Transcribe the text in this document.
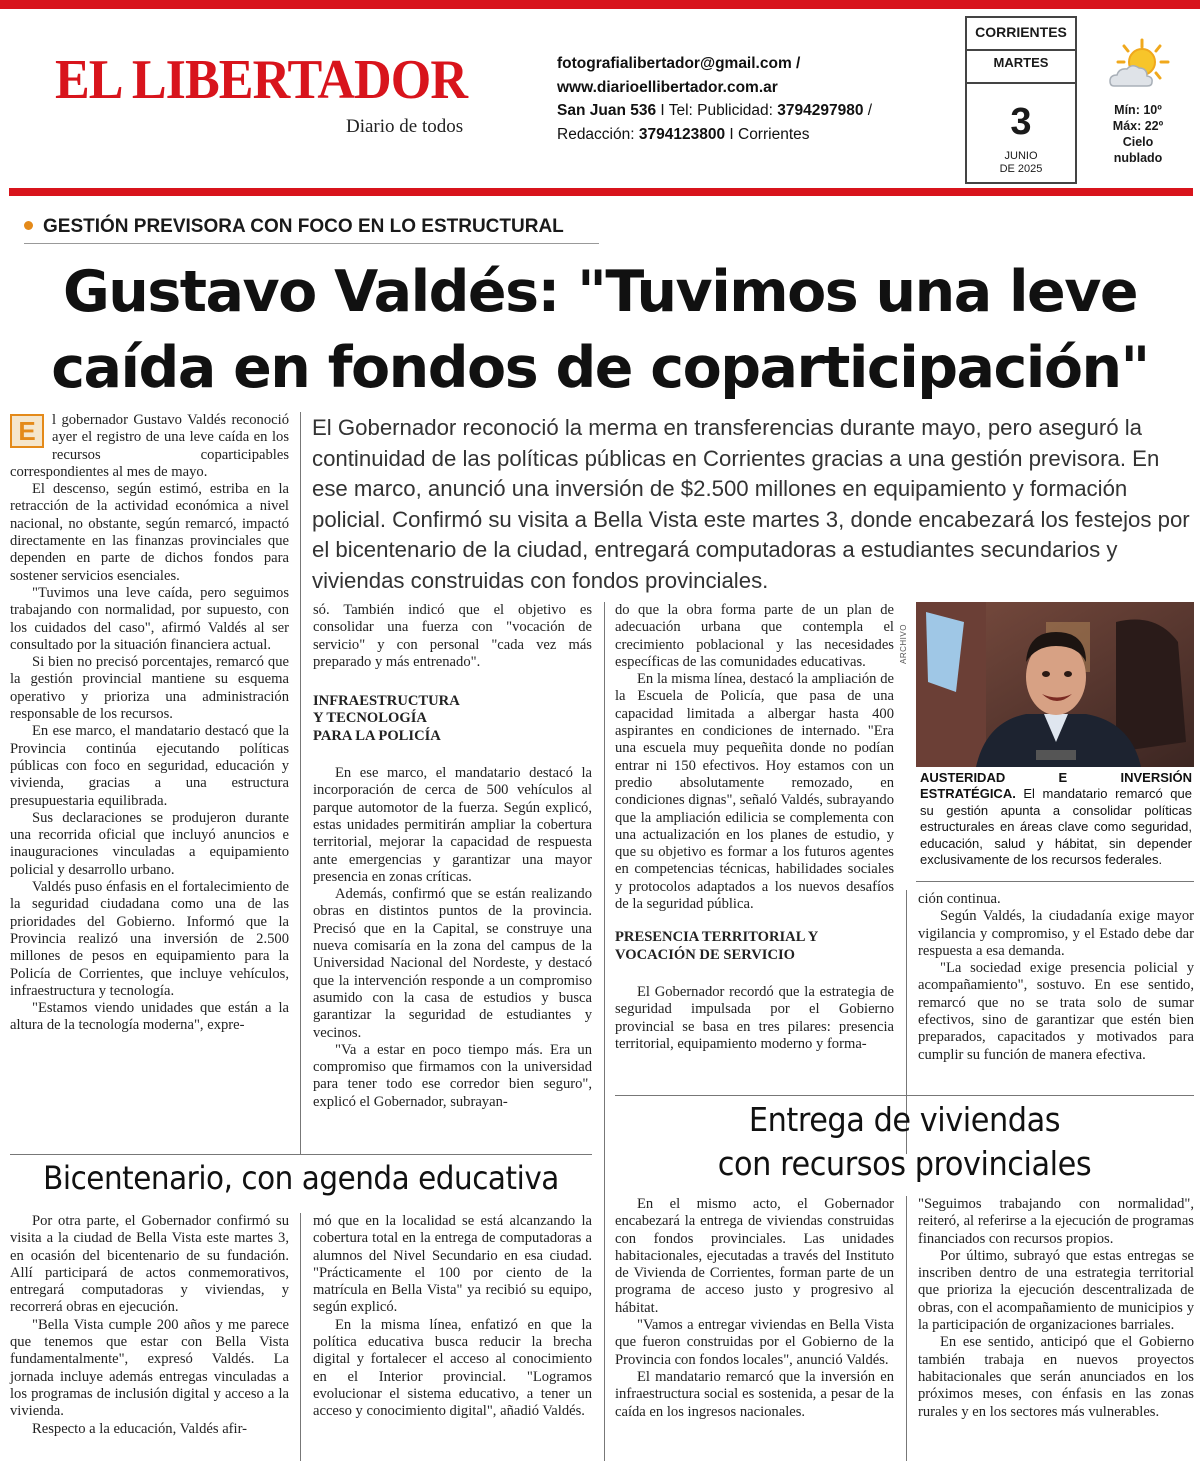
EL LIBERTADOR
Diario de todos
fotografialibertador@gmail.com /
www.diarioellibertador.com.ar
San Juan 536 I Tel: Publicidad: 3794297980 /
Redacción: 3794123800 I Corrientes
CORRIENTES
MARTES
3
JUNIO
DE 2025
Mín: 10º
Máx: 22º
Cielo
nublado
GESTIÓN PREVISORA CON FOCO EN LO ESTRUCTURAL
Gustavo Valdés: "Tuvimos una leve
caída en fondos de coparticipación"
El Gobernador reconoció la merma en transferencias durante mayo, pero aseguró la continuidad de las políticas públicas en Corrientes gracias a una gestión previsora. En ese marco, anunció una inversión de $2.500 millones en equipamiento y formación policial. Confirmó su visita a Bella Vista este martes 3, donde encabezará los festejos por el bicentenario de la ciudad, entregará computadoras a estudiantes secundarios y viviendas construidas con fondos provinciales.

E	l gobernador Gustavo Valdés reconoció ayer el registro de una leve caída en los recursos coparticipables correspondientes al mes de mayo.

El descenso, según estimó, estriba en la retracción de la actividad económica a nivel nacional, no obstante, según remarcó, impactó directamente en las finanzas provinciales que dependen en parte de dichos fondos para sostener servicios esenciales.

"Tuvimos una leve caída, pero seguimos trabajando con normalidad, por supuesto, con los cuidados del caso", afirmó Valdés al ser consultado por la situación financiera actual.

Si bien no precisó porcentajes, remarcó que la gestión provincial mantiene su esquema operativo y prioriza una administración responsable de los recursos.

En ese marco, el mandatario destacó que la Provincia continúa ejecutando políticas públicas con foco en seguridad, educación y vivienda, gracias a una estructura presupuestaria equilibrada.

Sus declaraciones se produjeron durante una recorrida oficial que incluyó anuncios e inauguraciones vinculadas a equipamiento policial y desarrollo urbano.

Valdés puso énfasis en el fortalecimiento de la seguridad ciudadana como una de las prioridades del Gobierno. Informó que la Provincia realizó una inversión de 2.500 millones de pesos en equipamiento para la Policía de Corrientes, que incluye vehículos, infraestructura y tecnología.

"Estamos viendo unidades que están a la altura de la tecnología moderna", expre-

só. También indicó que el objetivo es consolidar una fuerza con "vocación de servicio" y con personal "cada vez más preparado y más entrenado".

INFRAESTRUCTURA
Y TECNOLOGÍA
PARA LA POLICÍA

En ese marco, el mandatario destacó la incorporación de cerca de 500 vehículos al parque automotor de la fuerza. Según explicó, estas unidades permitirán ampliar la cobertura territorial, mejorar la capacidad de respuesta ante emergencias y garantizar una mayor presencia en zonas críticas.

Además, confirmó que se están realizando obras en distintos puntos de la provincia. Precisó que en la Capital, se construye una nueva comisaría en la zona del campus de la Universidad Nacional del Nordeste, y destacó que la intervención responde a un compromiso asumido con la casa de estudios y busca garantizar la seguridad de estudiantes y vecinos.

"Va a estar en poco tiempo más. Era un compromiso que firmamos con la universidad para tener todo ese corredor bien seguro", explicó el Gobernador, subrayan-

do que la obra forma parte de un plan de adecuación urbana que contempla el crecimiento poblacional y las necesidades específicas de las comunidades educativas.

En la misma línea, destacó la ampliación de la Escuela de Policía, que pasa de una capacidad limitada a albergar hasta 400 aspirantes en condiciones de internado. "Era una escuela muy pequeñita donde no podían entrar ni 150 efectivos. Hoy estamos con un predio absolutamente remozado, en condiciones dignas", señaló Valdés, subrayando que la ampliación edilicia se complementa con una actualización en los planes de estudio, y que su objetivo es formar a los futuros agentes en competencias técnicas, habilidades sociales y protocolos adaptados a los nuevos desafíos de la seguridad pública.

PRESENCIA TERRITORIAL Y
VOCACIÓN DE SERVICIO

El Gobernador recordó que la estrategia de seguridad impulsada por el Gobierno provincial se basa en tres pilares: presencia territorial, equipamiento moderno y forma-

ARCHIVO
AUSTERIDAD E INVERSIÓN ESTRATÉGICA. El mandatario remarcó que su gestión apunta a consolidar políticas estructurales en áreas clave como seguridad, educación, salud y hábitat, sin depender exclusivamente de los recursos federales.

ción continua.

Según Valdés, la ciudadanía exige mayor vigilancia y compromiso, y el Estado debe dar respuesta a esa demanda.

"La sociedad exige presencia policial y acompañamiento", sostuvo. En ese sentido, remarcó que no se trata solo de sumar efectivos, sino de garantizar que estén bien preparados, capacitados y motivados para cumplir su función de manera efectiva.

Bicentenario, con agenda educativa

Por otra parte, el Gobernador confirmó su visita a la ciudad de Bella Vista este martes 3, en ocasión del bicentenario de su fundación. Allí participará de actos conmemorativos, entregará computadoras y viviendas, y recorrerá obras en ejecución.

"Bella Vista cumple 200 años y me parece que tenemos que estar con Bella Vista fundamentalmente", expresó Valdés. La jornada incluye además entregas vinculadas a los programas de inclusión digital y acceso a la vivienda.

Respecto a la educación, Valdés afir-

mó que en la localidad se está alcanzando la cobertura total en la entrega de computadoras a alumnos del Nivel Secundario en esa ciudad. "Prácticamente el 100 por ciento de la matrícula en Bella Vista" ya recibió su equipo, según explicó.

En la misma línea, enfatizó en que la política educativa busca reducir la brecha digital y fortalecer el acceso al conocimiento en el Interior provincial. "Logramos evolucionar el sistema educativo, a tener un acceso y conocimiento digital", añadió Valdés.

Entrega de viviendas
con recursos provinciales

En el mismo acto, el Gobernador encabezará la entrega de viviendas construidas con fondos provinciales. Las unidades habitacionales, ejecutadas a través del Instituto de Vivienda de Corrientes, forman parte de un programa de acceso justo y progresivo al hábitat.

"Vamos a entregar viviendas en Bella Vista que fueron construidas por el Gobierno de la Provincia con fondos locales", anunció Valdés.

El mandatario remarcó que la inversión en infraestructura social es sostenida, a pesar de la caída en los ingresos nacionales.

"Seguimos trabajando con normalidad", reiteró, al referirse a la ejecución de programas financiados con recursos propios.

Por último, subrayó que estas entregas se inscriben dentro de una estrategia territorial que prioriza la ejecución descentralizada de obras, con el acompañamiento de municipios y la participación de organizaciones barriales.

En ese sentido, anticipó que el Gobierno también trabaja en nuevos proyectos habitacionales que serán anunciados en los próximos meses, con énfasis en las zonas rurales y en los sectores más vulnerables.
